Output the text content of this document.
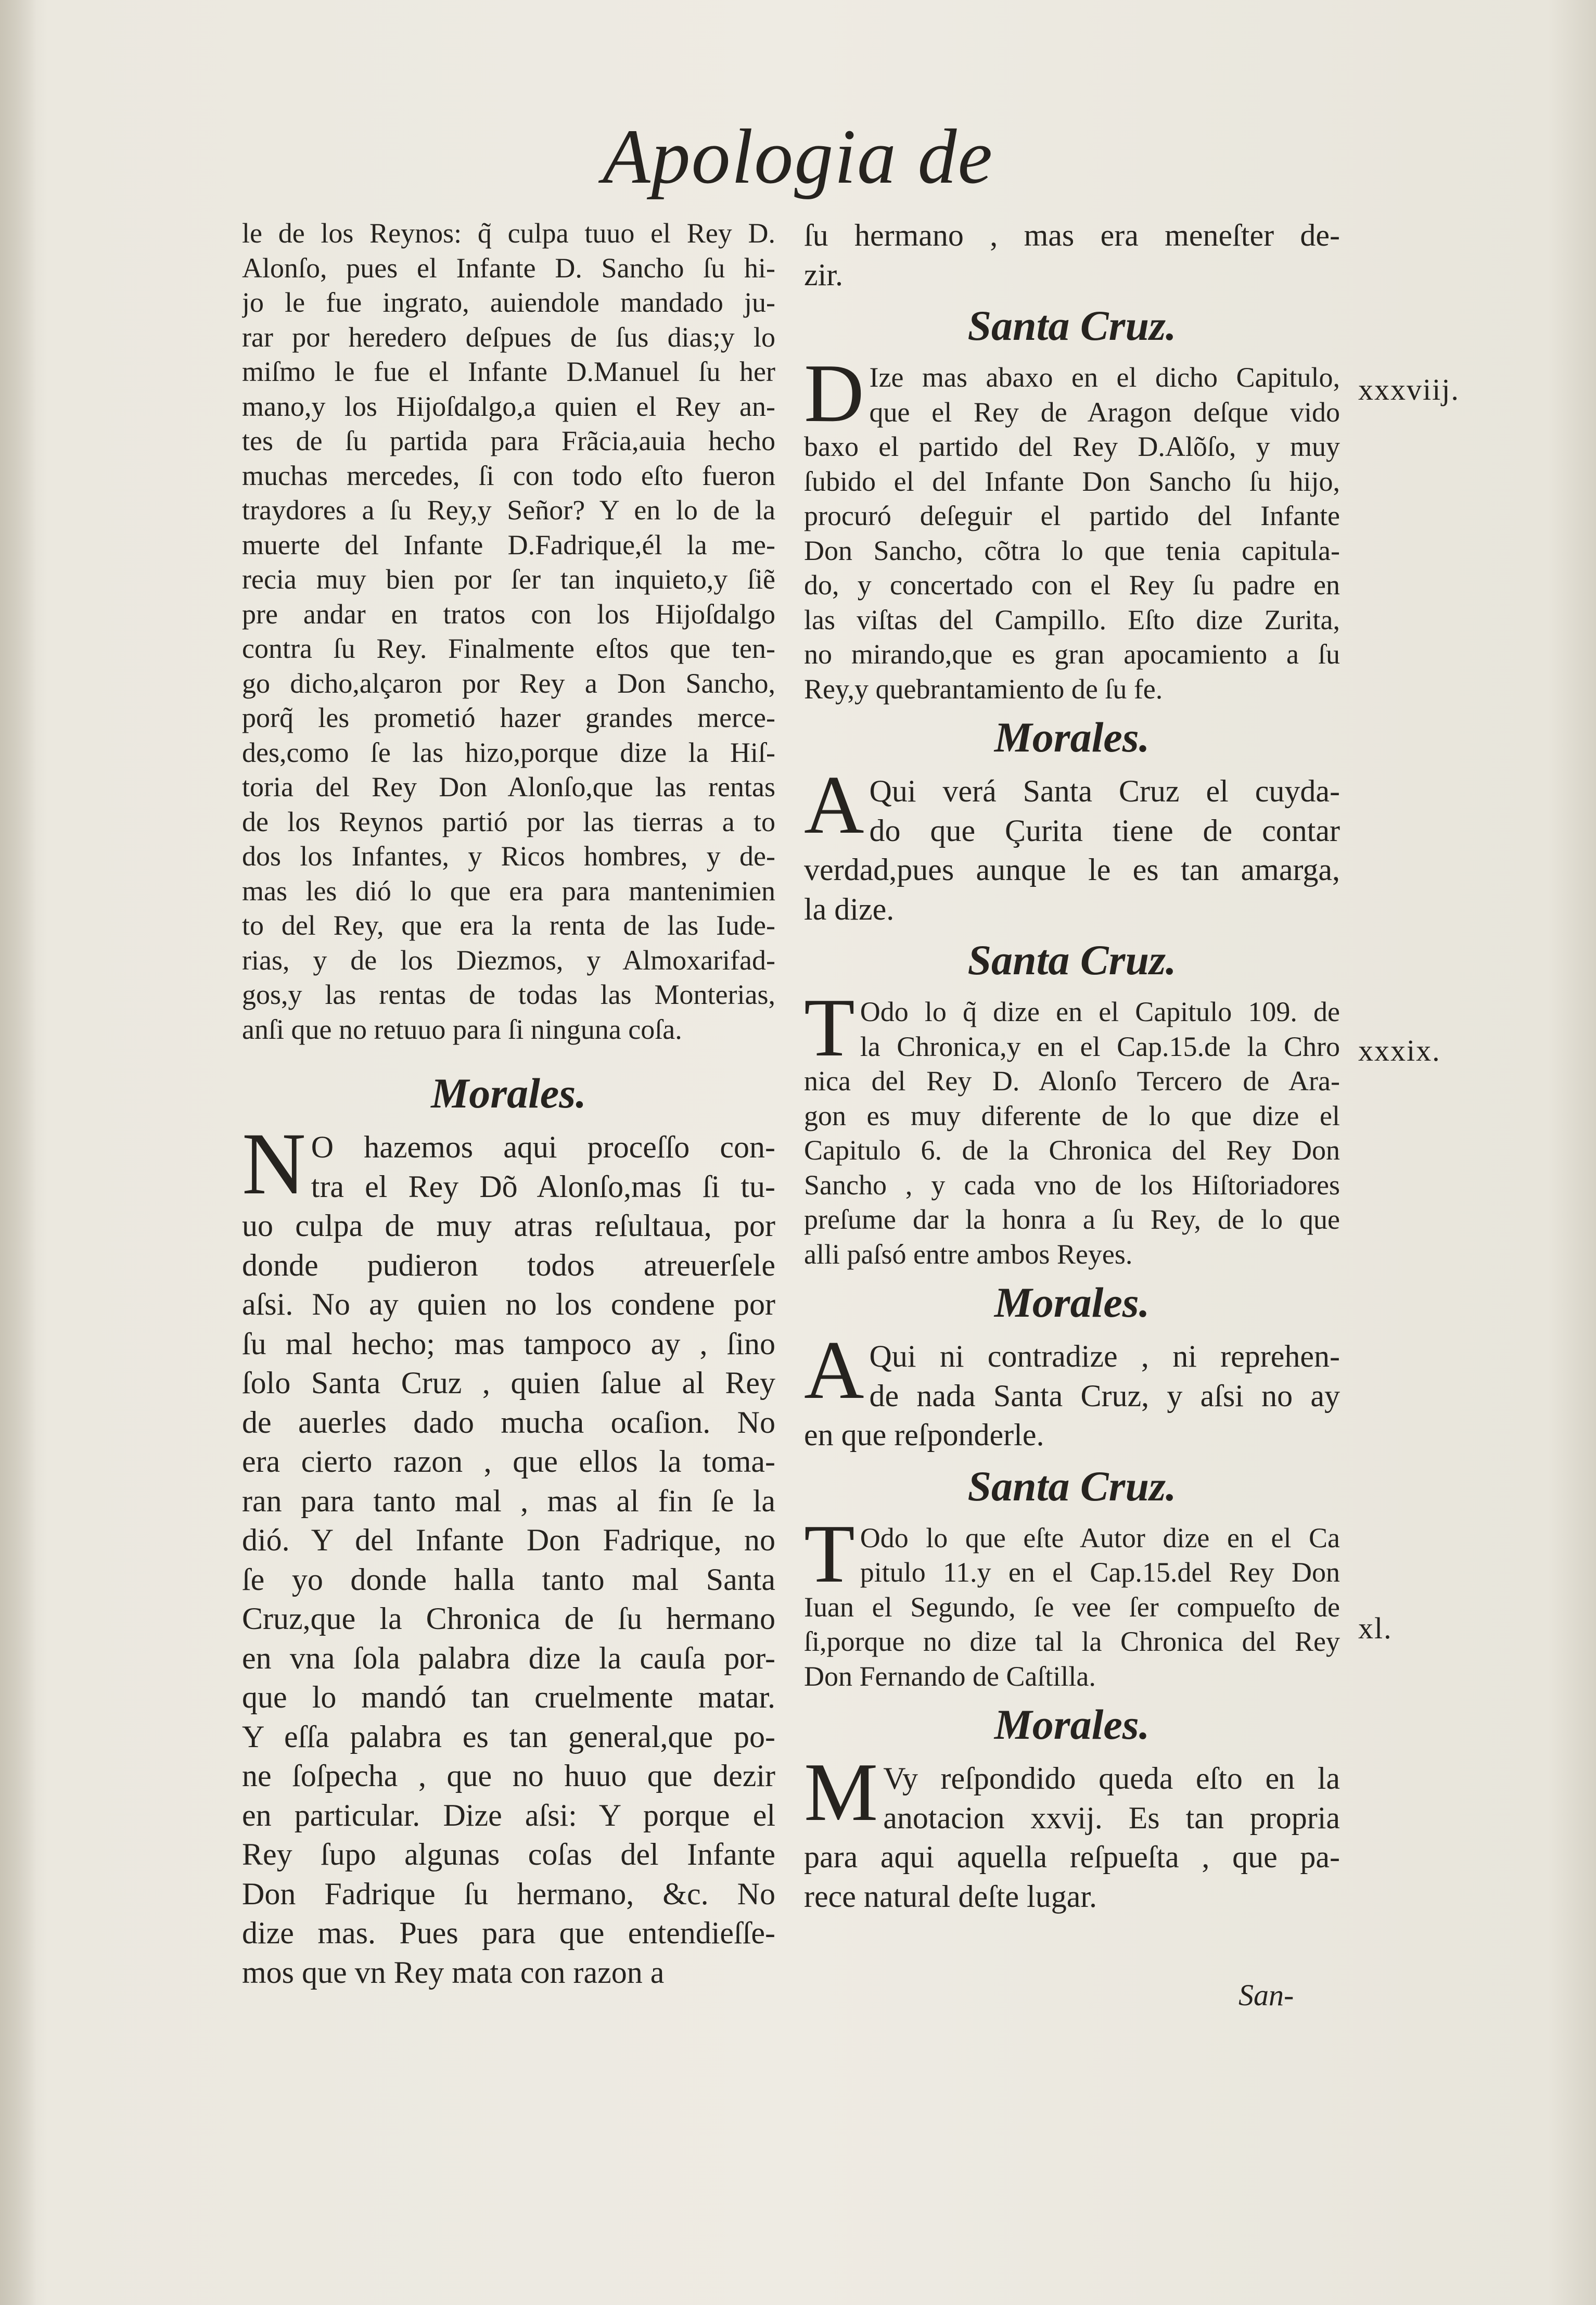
Apologia de
le de los Reynos: q̃ culpa tuuo el Rey D.
Alonſo, pues el Infante D. Sancho ſu hi-
jo le fue ingrato, auiendole mandado ju-
rar por heredero deſpues de ſus dias;y lo
miſmo le fue el Infante D.Manuel ſu her
mano,y los Hijoſdalgo,a quien el Rey an-
tes de ſu partida para Frãcia,auia hecho
muchas mercedes, ſi con todo eſto fueron
traydores a ſu Rey,y Señor? Y en lo de la
muerte del Infante D.Fadrique,él la me-
recia muy bien por ſer tan inquieto,y ſiẽ
pre andar en tratos con los Hijoſdalgo
contra ſu Rey. Finalmente eſtos que ten-
go dicho,alçaron por Rey a Don Sancho,
porq̃ les prometió hazer grandes merce-
des,como ſe las hizo,porque dize la Hiſ-
toria del Rey Don Alonſo,que las rentas
de los Reynos partió por las tierras a to
dos los Infantes, y Ricos hombres, y de-
mas les dió lo que era para mantenimien
to del Rey, que era la renta de las Iude-
rias, y de los Diezmos, y Almoxarifad-
gos,y las rentas de todas las Monterias,
anſi que no retuuo para ſi ninguna coſa.
Morales.
N O hazemos aqui proceſſo con-
tra el Rey Dõ Alonſo,mas ſi tu-
uo culpa de muy atras reſultaua, por
donde pudieron todos atreuerſele
aſsi. No ay quien no los condene por
ſu mal hecho; mas tampoco ay , ſino
ſolo Santa Cruz , quien ſalue al Rey
de auerles dado mucha ocaſion. No
era cierto razon , que ellos la toma-
ran para tanto mal , mas al fin ſe la
dió. Y del Infante Don Fadrique, no
ſe yo donde halla tanto mal Santa
Cruz,que la Chronica de ſu hermano
en vna ſola palabra dize la cauſa por-
que lo mandó tan cruelmente matar.
Y eſſa palabra es tan general,que po-
ne ſoſpecha , que no huuo que dezir
en particular. Dize aſsi: Y porque el
Rey ſupo algunas coſas del Infante
Don Fadrique ſu hermano, &c. No
dize mas. Pues para que entendieſſe-
mos que vn Rey mata con razon a
ſu hermano , mas era meneſter de-
zir.
Santa Cruz.
D Ize mas abaxo en el dicho Capitulo,
que el Rey de Aragon deſque vido
baxo el partido del Rey D.Alõſo, y muy
ſubido el del Infante Don Sancho ſu hijo,
procuró deſeguir el partido del Infante
Don Sancho, cõtra lo que tenia capitula-
do, y concertado con el Rey ſu padre en
las viſtas del Campillo. Eſto dize Zurita,
no mirando,que es gran apocamiento a ſu
Rey,y quebrantamiento de ſu fe.
Morales.
A Qui verá Santa Cruz el cuyda-
do que Çurita tiene de contar
verdad,pues aunque le es tan amarga,
la dize.
Santa Cruz.
T Odo lo q̃ dize en el Capitulo 109. de
la Chronica,y en el Cap.15.de la Chro
nica del Rey D. Alonſo Tercero de Ara-
gon es muy diferente de lo que dize el
Capitulo 6. de la Chronica del Rey Don
Sancho , y cada vno de los Hiſtoriadores
preſume dar la honra a ſu Rey, de lo que
alli paſsó entre ambos Reyes.
Morales.
A Qui ni contradize , ni reprehen-
de nada Santa Cruz, y aſsi no ay
en que reſponderle.
Santa Cruz.
T Odo lo que eſte Autor dize en el Ca
pitulo 11.y en el Cap.15.del Rey Don
Iuan el Segundo, ſe vee ſer compueſto de
ſi,porque no dize tal la Chronica del Rey
Don Fernando de Caſtilla.
Morales.
M Vy reſpondido queda eſto en la
anotacion xxvij. Es tan propria
para aqui aquella reſpueſta , que pa-
rece natural deſte lugar.
xxxviij.
xxxix.
xl.
San-
